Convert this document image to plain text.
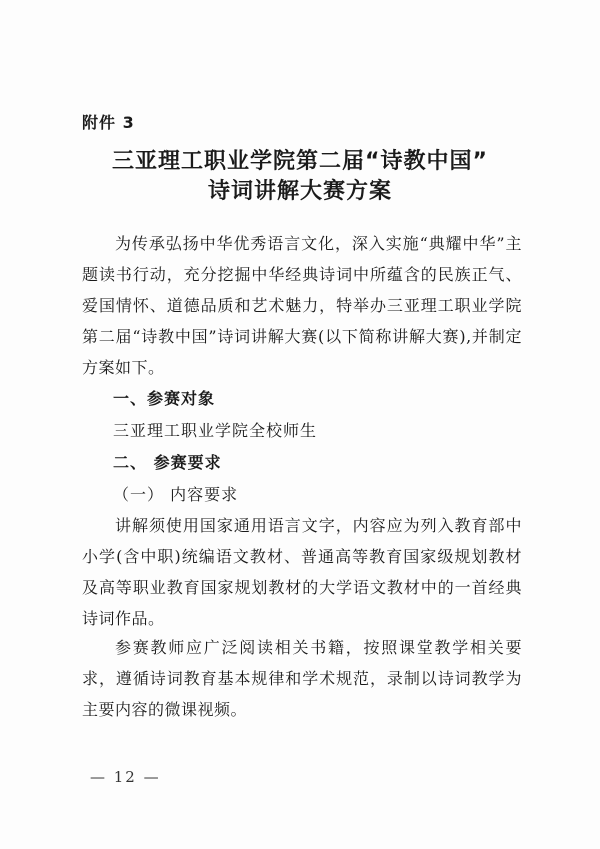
附件 3
三亚理工职业学院第二届“诗教中国”
诗词讲解大赛方案
为传承弘扬中华优秀语言文化，深入实施“典耀中华”主题读书行动，充分挖掘中华经典诗词中所蕴含的民族正气、爱国情怀、道德品质和艺术魅力，特举办三亚理工职业学院第二届“诗教中国”诗词讲解大赛(以下简称讲解大赛),并制定方案如下。
一、参赛对象
三亚理工职业学院全校师生
二、 参赛要求
（一） 内容要求
讲解须使用国家通用语言文字，内容应为列入教育部中小学(含中职)统编语文教材、普通高等教育国家级规划教材及高等职业教育国家规划教材的大学语文教材中的一首经典诗词作品。
参赛教师应广泛阅读相关书籍，按照课堂教学相关要求，遵循诗词教育基本规律和学术规范，录制以诗词教学为主要内容的微课视频。
— 12 —
